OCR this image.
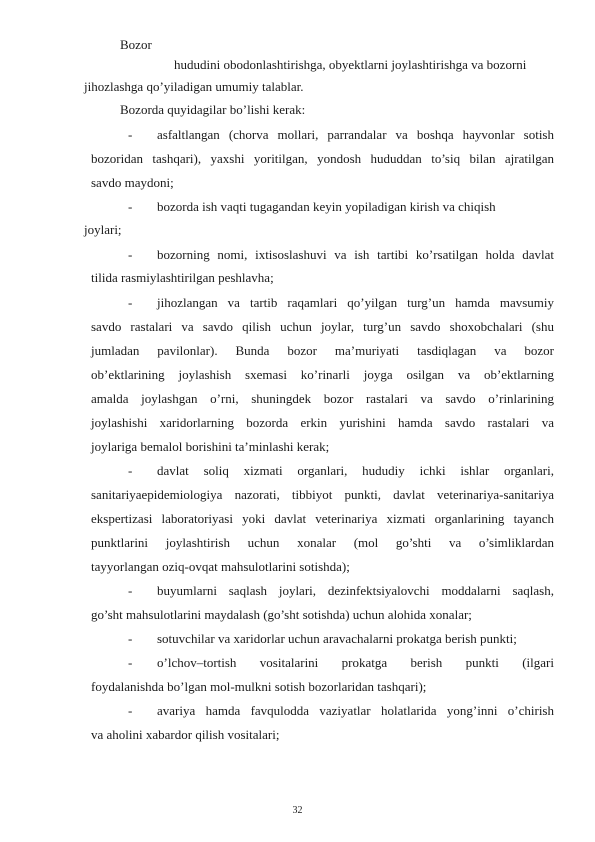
Bozor
hududini obodonlashtirishga, obyektlarni joylashtirishga va bozorni
jihozlashga qo’yiladigan umumiy talablar.
Bozorda quyidagilar bo’lishi kerak:
- asfaltlangan (chorva mollari, parrandalar va boshqa hayvonlar sotish
bozoridan tashqari), yaxshi yoritilgan, yondosh hududdan to’siq bilan ajratilgan
savdo maydoni;
- bozorda ish vaqti tugagandan keyin yopiladigan kirish va chiqish
joylari;
- bozorning nomi, ixtisoslashuvi va ish tartibi ko’rsatilgan holda davlat
tilida rasmiylashtirilgan peshlavha;
- jihozlangan va tartib raqamlari qo’yilgan turg’un hamda mavsumiy
savdo rastalari va savdo qilish uchun joylar, turg’un savdo shoxobchalari (shu
jumladan pavilonlar). Bunda bozor ma’muriyati tasdiqlagan va bozor
ob’ektlarining joylashish sxemasi ko’rinarli joyga osilgan va ob’ektlarning
amalda joylashgan o’rni, shuningdek bozor rastalari va savdo o’rinlarining
joylashishi xaridorlarning bozorda erkin yurishini hamda savdo rastalari va
joylariga bemalol borishini ta’minlashi kerak;
- davlat soliq xizmati organlari, hududiy ichki ishlar organlari,
sanitariyaepidemiologiya nazorati, tibbiyot punkti, davlat veterinariya-sanitariya
ekspertizasi laboratoriyasi yoki davlat veterinariya xizmati organlarining tayanch
punktlarini joylashtirish uchun xonalar (mol go’shti va o’simliklardan
tayyorlangan oziq-ovqat mahsulotlarini sotishda);
- buyumlarni saqlash joylari, dezinfektsiyalovchi moddalarni saqlash,
go’sht mahsulotlarini maydalash (go’sht sotishda) uchun alohida xonalar;
- sotuvchilar va xaridorlar uchun aravachalarni prokatga berish punkti;
- o’lchov–tortish vositalarini prokatga berish punkti (ilgari
foydalanishda bo’lgan mol-mulkni sotish bozorlaridan tashqari);
- avariya hamda favqulodda vaziyatlar holatlarida yong’inni o’chirish
va aholini xabardor qilish vositalari;
32
